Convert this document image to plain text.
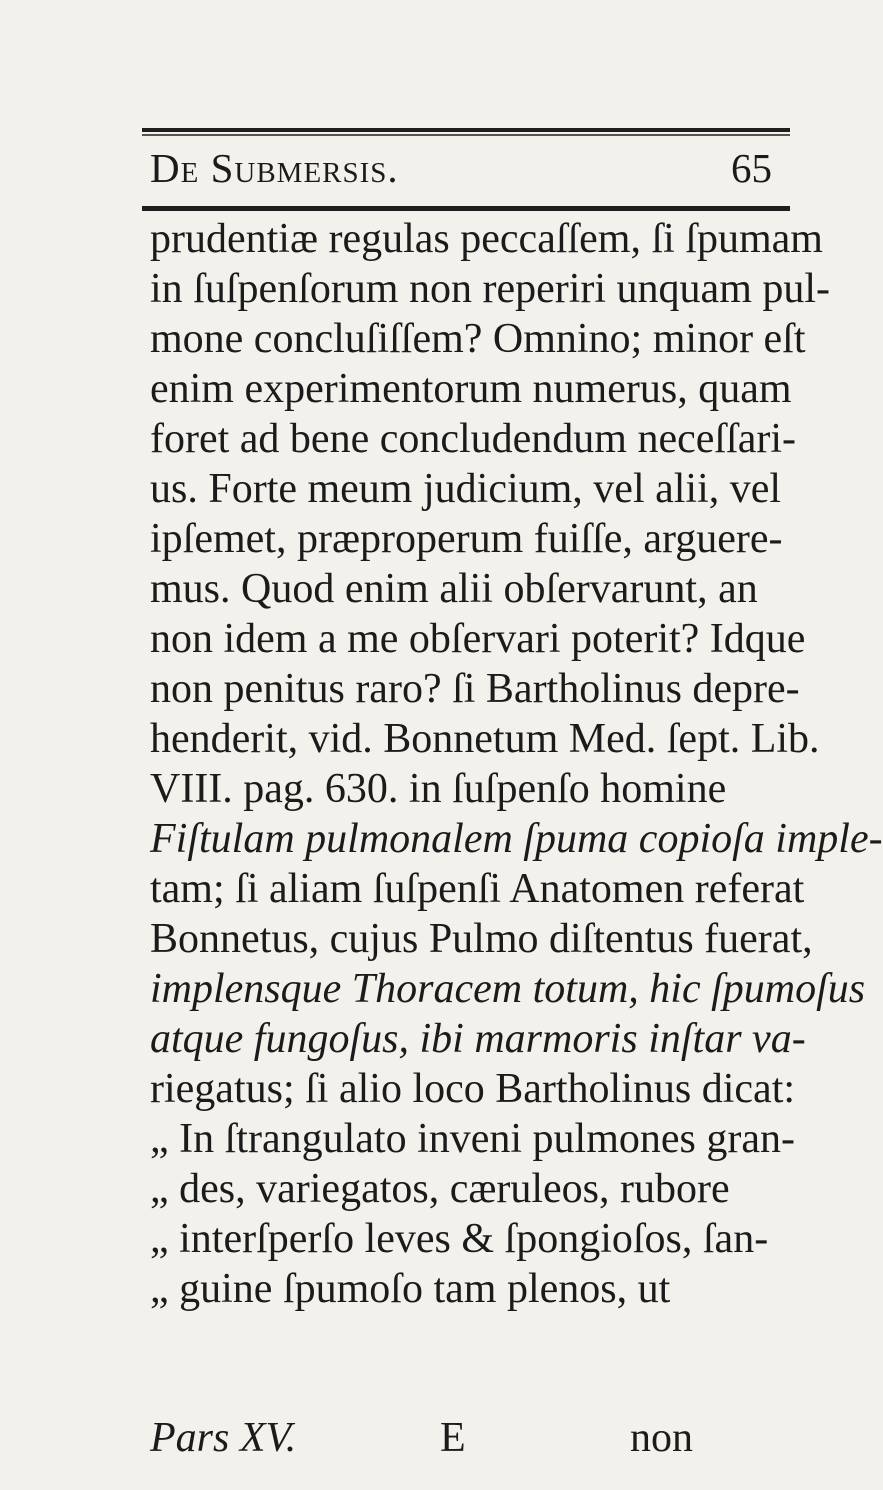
De Submersis.	65
prudentiæ regulas peccaſſem, ſi ſpumam
in ſuſpenſorum non reperiri unquam pul-
mone concluſiſſem? Omnino; minor eſt
enim experimentorum numerus, quam
foret ad bene concludendum neceſſari-
us. Forte meum judicium, vel alii, vel
ipſemet, præproperum fuiſſe, arguere-
mus. Quod enim alii obſervarunt, an
non idem a me obſervari poterit? Idque
non penitus raro? ſi Bartholinus depre-
henderit, vid. Bonnetum Med. ſept. Lib.
VIII. pag. 630. in ſuſpenſo homine
Fiſtulam pulmonalem ſpuma copioſa imple-
tam; ſi aliam ſuſpenſi Anatomen referat
Bonnetus, cujus Pulmo diſtentus fuerat,
implensque Thoracem totum, hic ſpumoſus
atque fungoſus, ibi marmoris inſtar va-
riegatus; ſi alio loco Bartholinus dicat:
„ In ſtrangulato inveni pulmones gran-
„ des, variegatos, cæruleos, rubore
„ interſperſo leves & ſpongioſos, ſan-
„ guine ſpumoſo tam plenos, ut
Pars XV.	E	non
